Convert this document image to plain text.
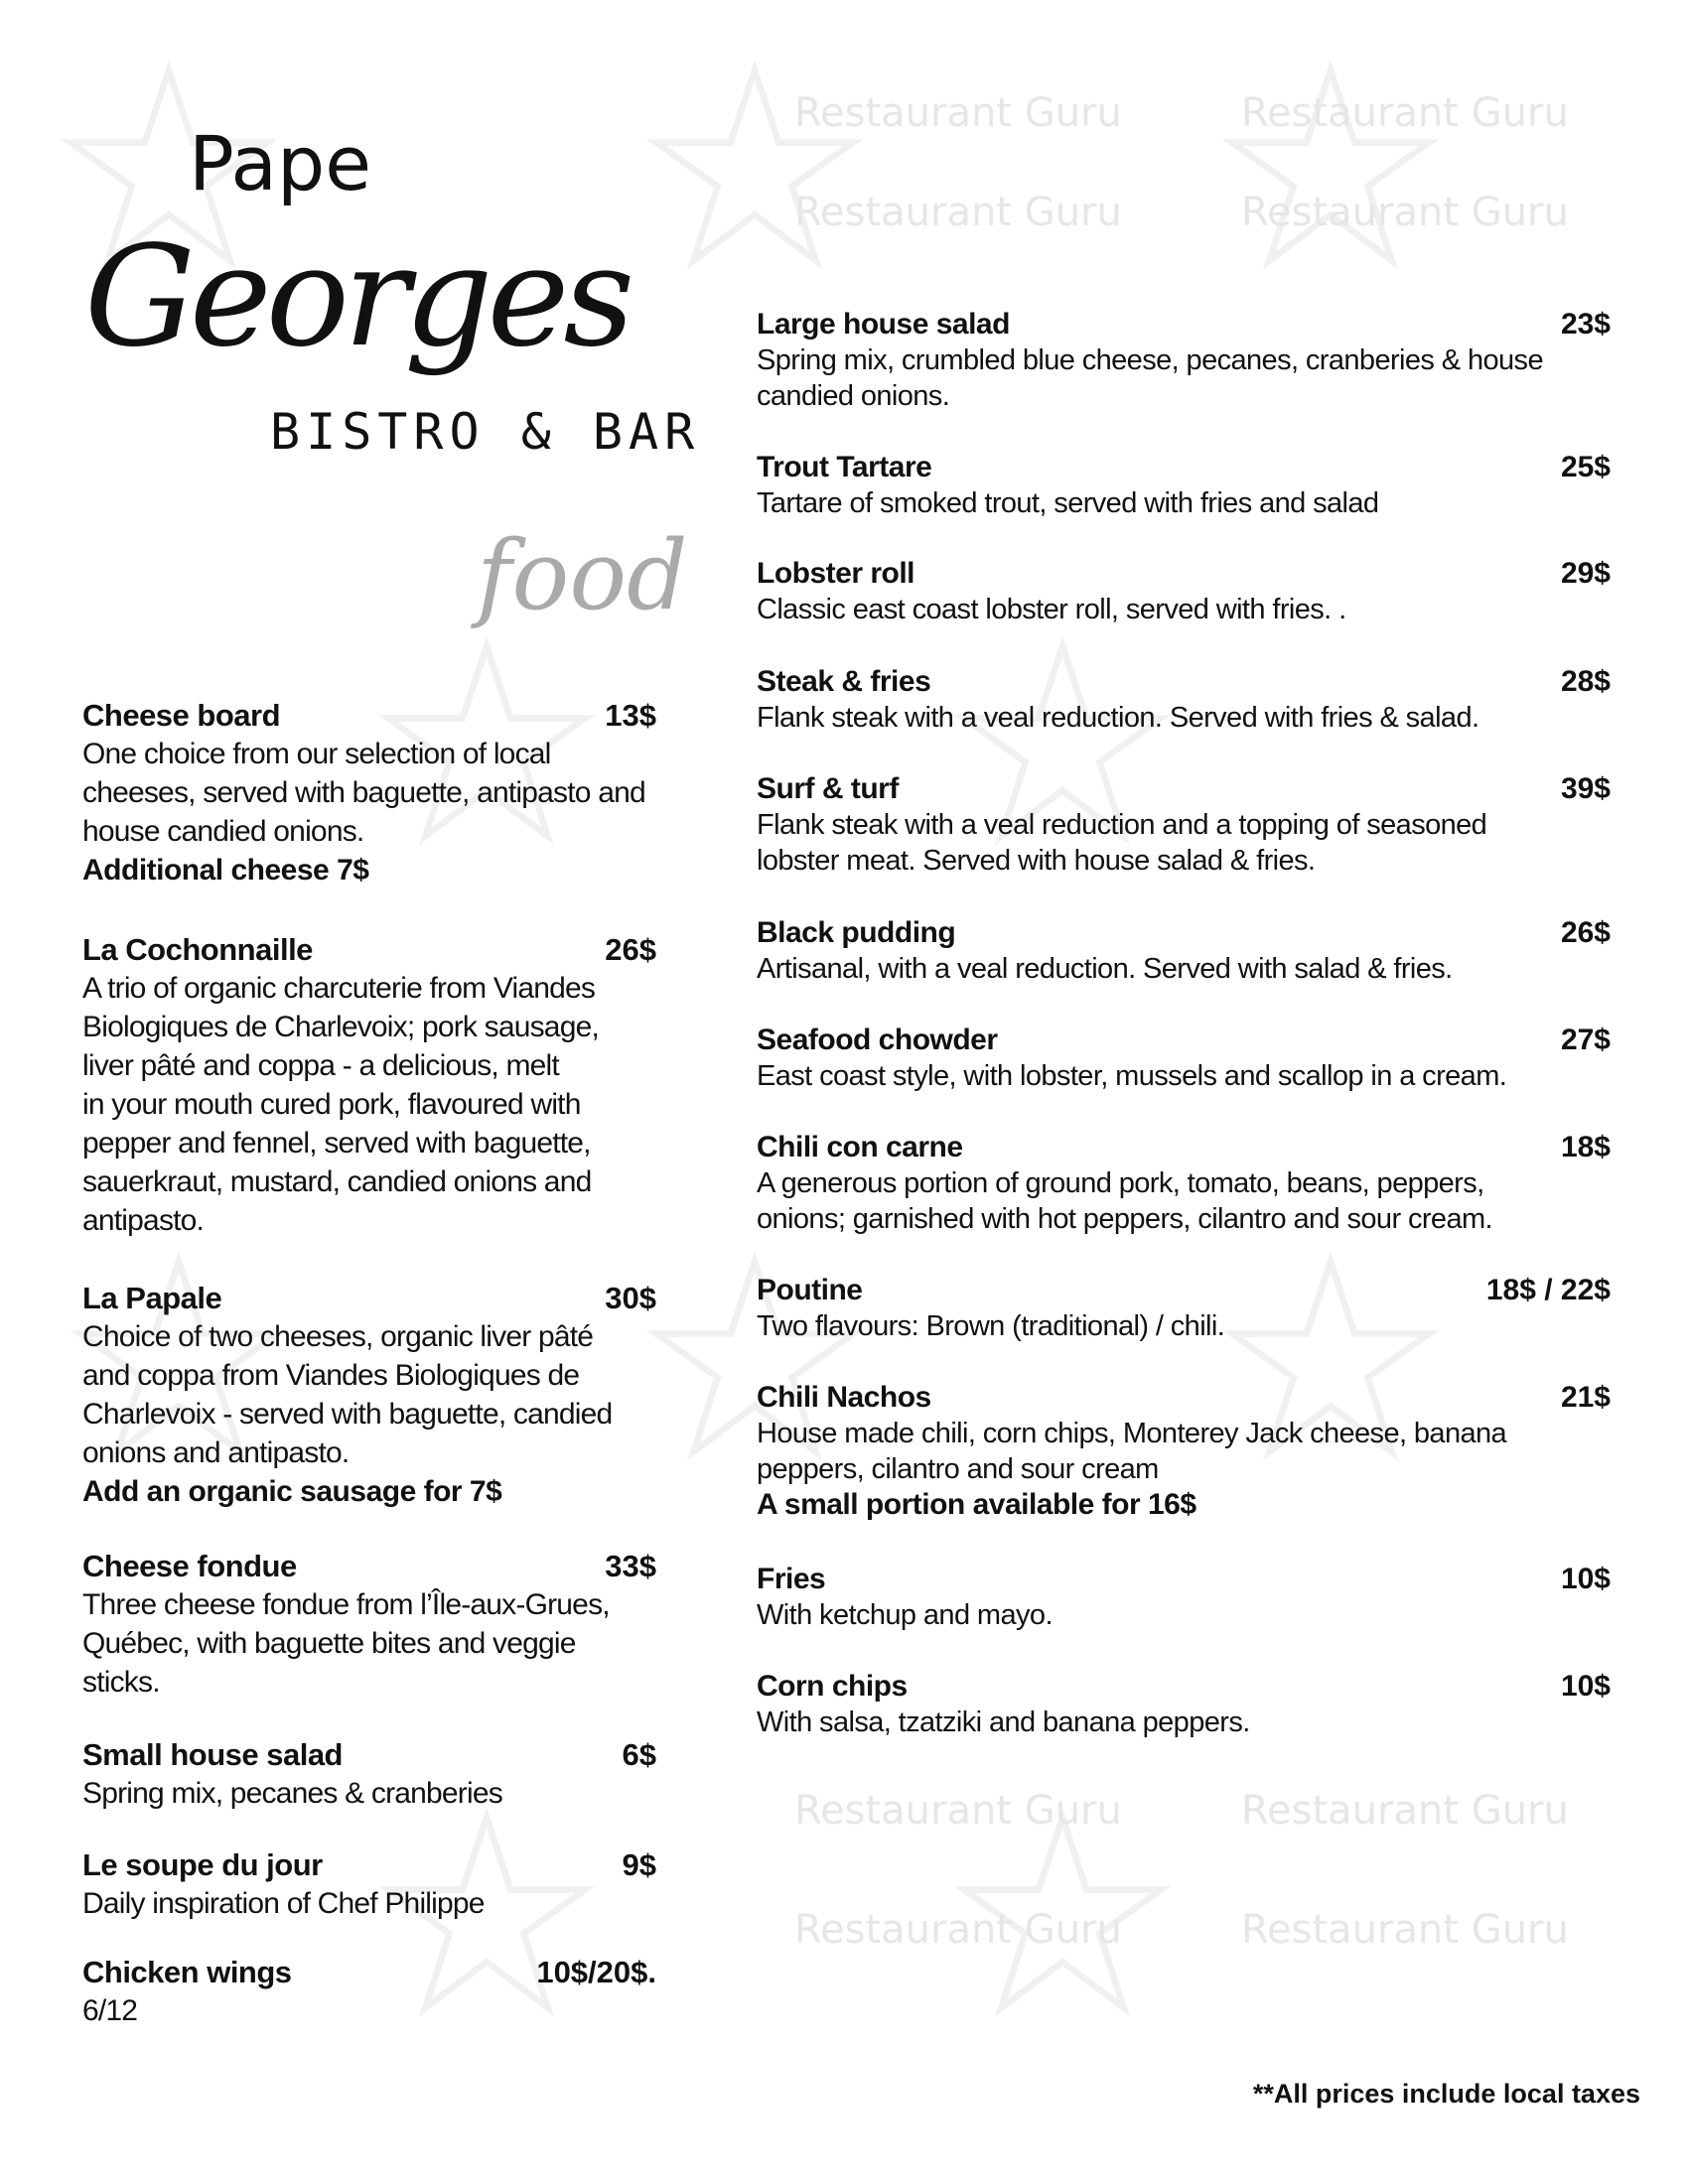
Restaurant Guru	Restaurant Guru
Restaurant Guru	Restaurant Guru
Restaurant Guru	Restaurant Guru
Restaurant Guru	Restaurant Guru
Pape
Georges
BISTRO & BAR
food
Cheese board	13$
One choice from our selection of local
cheeses, served with baguette, antipasto and
house candied onions.
Additional cheese 7$
La Cochonnaille	26$
A trio of organic charcuterie from Viandes
Biologiques de Charlevoix; pork sausage,
liver pâté and coppa - a delicious, melt
in your mouth cured pork, flavoured with
pepper and fennel, served with baguette,
sauerkraut, mustard, candied onions and
antipasto.
La Papale	30$
Choice of two cheeses, organic liver pâté
and coppa from Viandes Biologiques de
Charlevoix - served with baguette, candied
onions and antipasto.
Add an organic sausage for 7$
Cheese fondue	33$
Three cheese fondue from l’Île-aux-Grues,
Québec, with baguette bites and veggie
sticks.
Small house salad	6$
Spring mix, pecanes & cranberies
Le soupe du jour	9$
Daily inspiration of Chef Philippe
Chicken wings	10$/20$.
6/12
Large house salad	23$
Spring mix, crumbled blue cheese, pecanes, cranberies & house
candied onions.
Trout Tartare	25$
Tartare of smoked trout, served with fries and salad
Lobster roll	29$
Classic east coast lobster roll, served with fries. .
Steak & fries	28$
Flank steak with a veal reduction. Served with fries & salad.
Surf & turf	39$
Flank steak with a veal reduction and a topping of seasoned
lobster meat. Served with house salad & fries.
Black pudding	26$
Artisanal, with a veal reduction. Served with salad & fries.
Seafood chowder	27$
East coast style, with lobster, mussels and scallop in a cream.
Chili con carne	18$
A generous portion of ground pork, tomato, beans, peppers,
onions; garnished with hot peppers, cilantro and sour cream.
Poutine	18$ / 22$
Two flavours: Brown (traditional) / chili.
Chili Nachos	21$
House made chili, corn chips, Monterey Jack cheese, banana
peppers, cilantro and sour cream
A small portion available for 16$
Fries	10$
With ketchup and mayo.
Corn chips	10$
With salsa, tzatziki and banana peppers.
**All prices include local taxes
